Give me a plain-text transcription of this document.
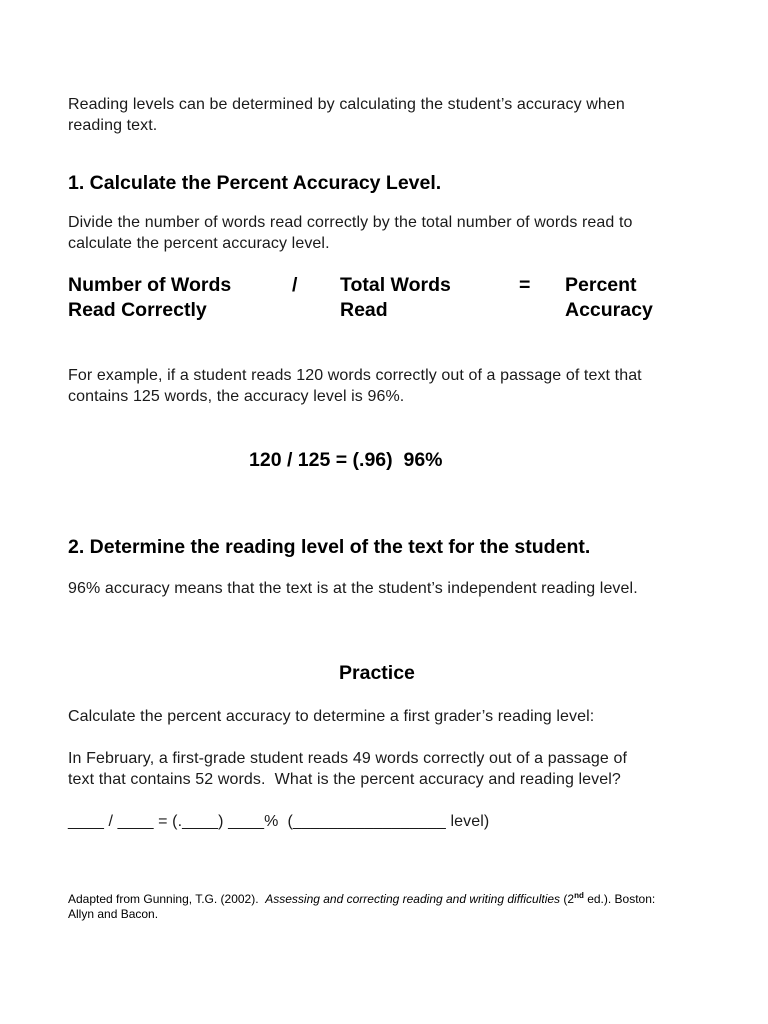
Reading levels can be determined by calculating the student’s accuracy when
reading text.
1. Calculate the Percent Accuracy Level.
Divide the number of words read correctly by the total number of words read to
calculate the percent accuracy level.
Number of Words
Read Correctly
/ Total Words
Read
= Percent
Accuracy
For example, if a student reads 120 words correctly out of a passage of text that
contains 125 words, the accuracy level is 96%.
120 / 125 = (.96)  96%
2. Determine the reading level of the text for the student.
96% accuracy means that the text is at the student’s independent reading level.
Practice
Calculate the percent accuracy to determine a first grader’s reading level:
In February, a first-grade student reads 49 words correctly out of a passage of
text that contains 52 words.  What is the percent accuracy and reading level?
____ / ____ = (.____) ____%  (_________________ level)
Adapted from Gunning, T.G. (2002).  Assessing and correcting reading and writing difficulties (2nd ed.). Boston:
Allyn and Bacon.
